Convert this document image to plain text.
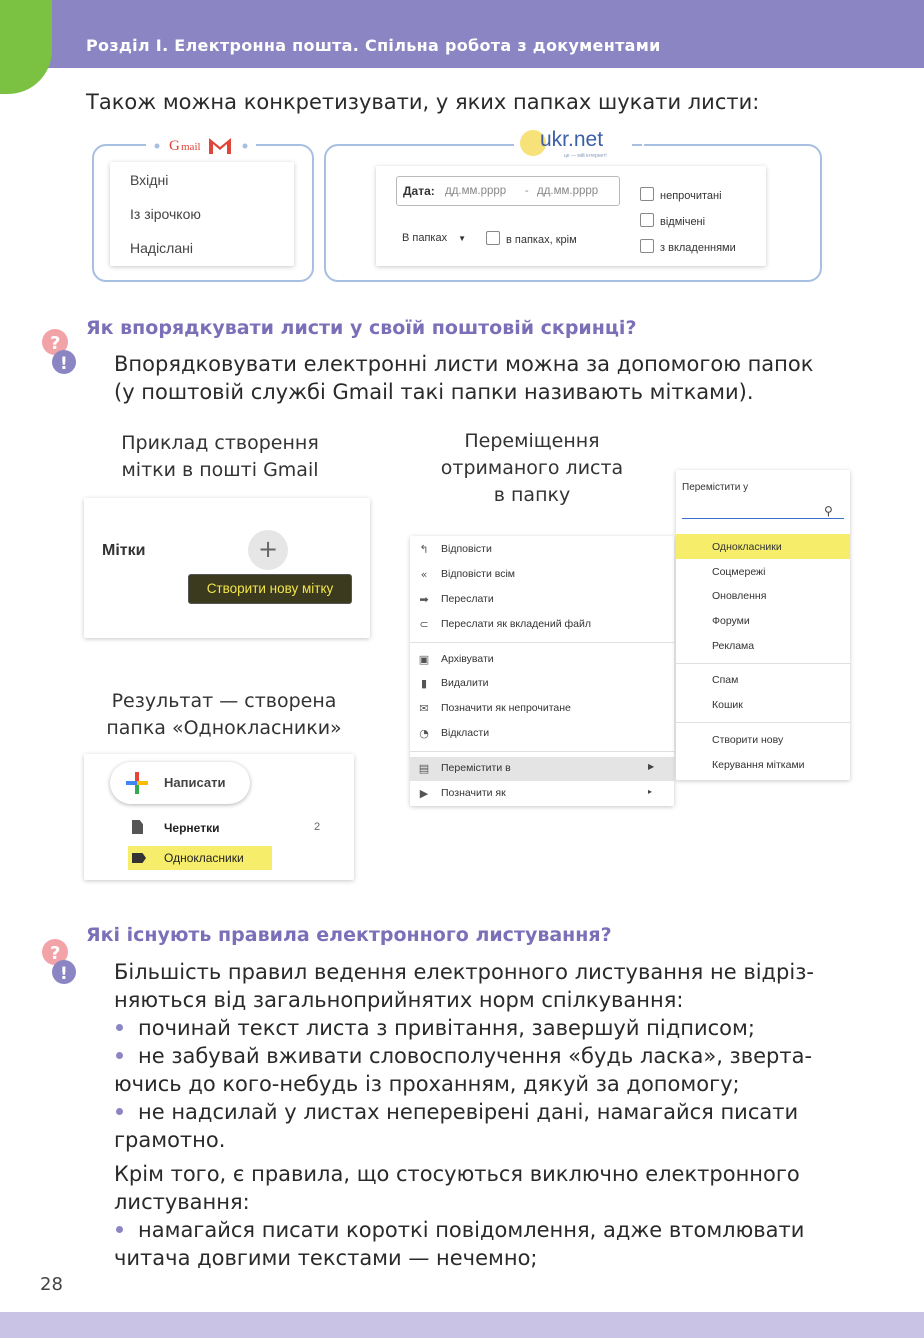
Розділ І. Електронна пошта. Спільна робота з документами
Також можна конкретизувати, у яких папках шукати листи:
G mail
Вхідні
Із зірочкою
Надіслані
ukr.net
це — мій інтернет!
Дата: дд.мм.рррр - дд.мм.рррр
В папках ▼	в папках, крім
непрочитані
відмічені
з вкладеннями
?
!
Як впорядкувати листи у своїй поштовій скринці?
Впорядковувати електронні листи можна за допомогою папок
(у поштовій службі Gmail такі папки називають мітками).
Приклад створення
мітки в пошті Gmail
Переміщення
отриманого листа
в папку
Результат — створена
папка «Однокласники»
Мітки	+
Створити нову мітку
↰ Відповісти
« Відповісти всім
➡ Переслати
⊂ Переслати як вкладений файл
▣ Архівувати
▮ Видалити
✉ Позначити як непрочитане
◔ Відкласти
▤ Перемістити в	▶
▶ Позначити як	▸
Перемістити у
⚲
Однокласники
Соцмережі
Оновлення
Форуми
Реклама
Спам
Кошик
Створити нову
Керування мітками
Написати
Чернетки	2
Однокласники
?
!
Які існують правила електронного листування?
Більшість правил ведення електронного листування не відріз-
няються від загальноприйнятих норм спілкування:
починай текст листа з привітання, завершуй підписом;
не забувай вживати словосполучення «будь ласка», зверта-
ючись до кого-небудь із проханням, дякуй за допомогу;
не надсилай у листах неперевірені дані, намагайся писати
грамотно.
Крім того, є правила, що стосуються виключно електронного
листування:
намагайся писати короткі повідомлення, адже втомлювати
читача довгими текстами — нечемно;
28
